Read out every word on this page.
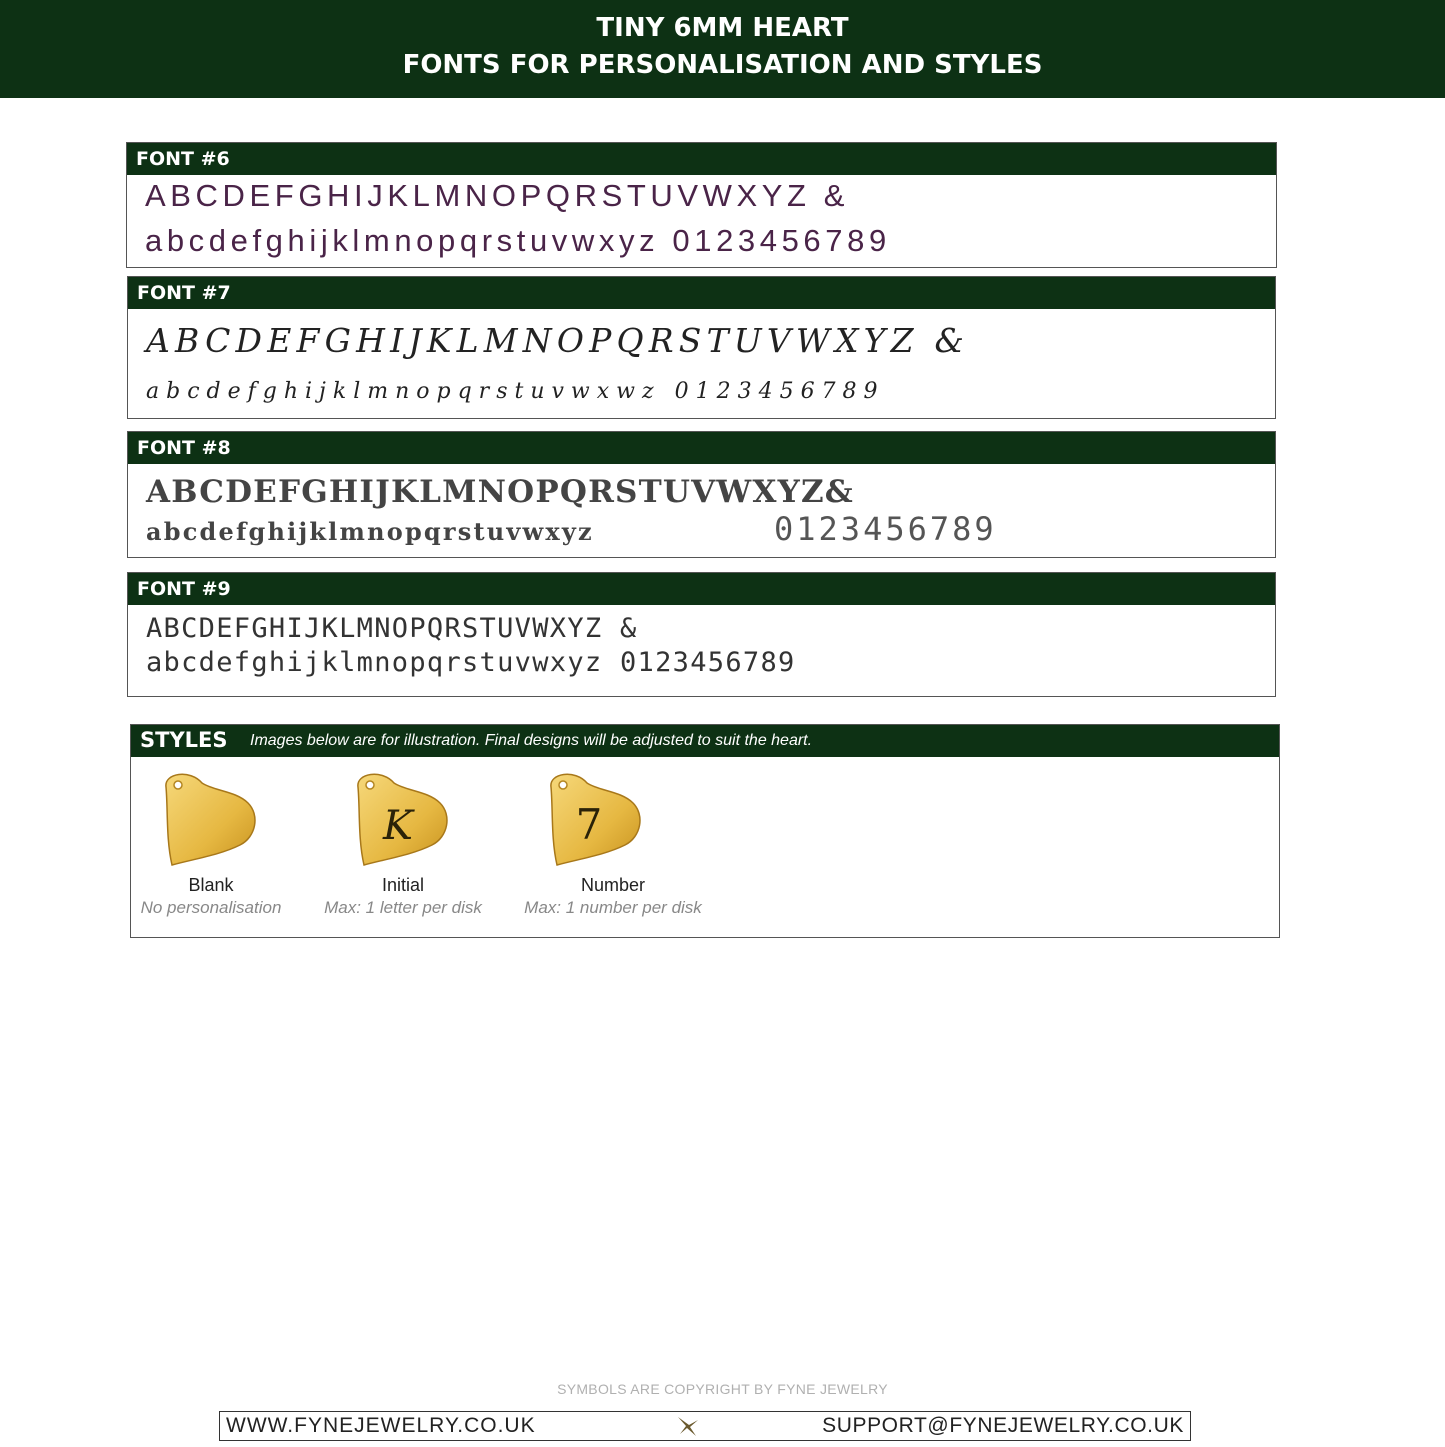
TINY 6MM HEART
FONTS FOR PERSONALISATION AND STYLES
FONT #6
ABCDEFGHIJKLMNOPQRSTUVWXYZ &
abcdefghijklmnopqrstuvwxyz 0123456789
FONT #7
ABCDEFGHIJKLMNOPQRSTUVWXYZ &
abcdefghijklmnopqrstuvwxwz 0123456789
FONT #8
ABCDEFGHIJKLMNOPQRSTUVWXYZ&
abcdefghijklmnopqrstuvwxyz	0123456789
FONT #9
ABCDEFGHIJKLMNOPQRSTUVWXYZ &
abcdefghijklmnopqrstuvwxyz 0123456789
STYLES Images below are for illustration. Final designs will be adjusted to suit the heart.
Blank
No personalisation
K
Initial
Max: 1 letter per disk
7
Number
Max: 1 number per disk
SYMBOLS ARE COPYRIGHT BY FYNE JEWELRY
WWW.FYNEJEWELRY.CO.UK	SUPPORT@FYNEJEWELRY.CO.UK
